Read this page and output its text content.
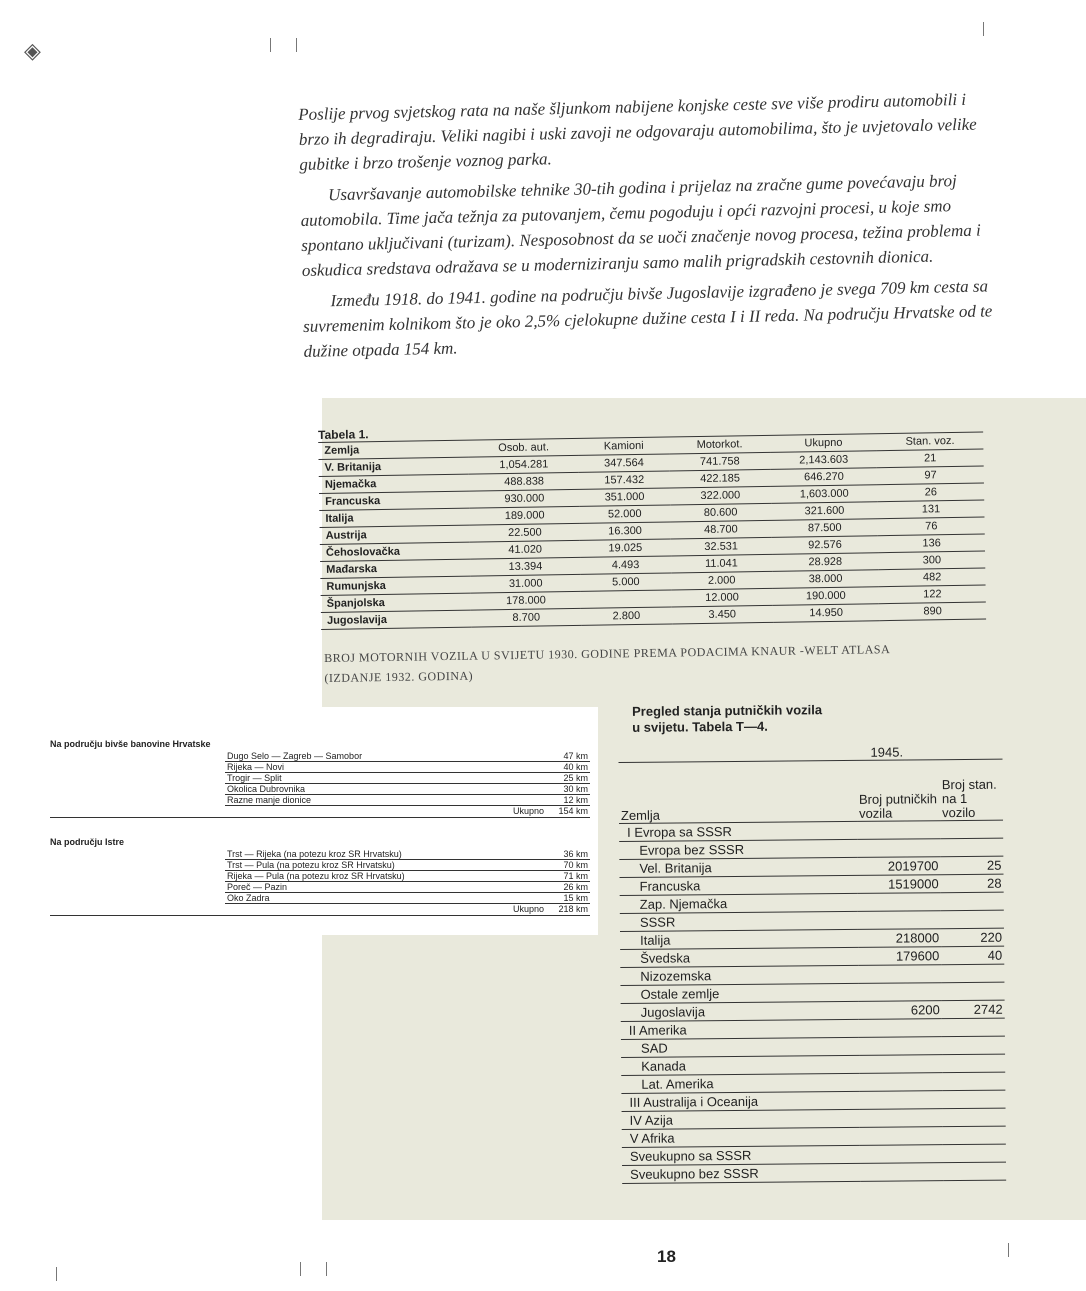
◈

Poslije prvog svjetskog rata na naše šljunkom nabijene konjske ceste sve više prodiru automobili i brzo ih degradiraju. Veliki nagibi i uski zavoji ne odgovaraju automobilima, što je uvjetovalo velike gubitke i brzo trošenje voznog parka.

Usavršavanje automobilske tehnike 30-tih godina i prijelaz na zračne gume povećavaju broj automobila. Time jača težnja za putovanjem, čemu pogoduju i opći razvojni procesi, u koje smo spontano uključivani (turizam). Nesposobnost da se uoči značenje novog procesa, težina problema i oskudica sredstava odražava se u moderniziranju samo malih prigradskih cestovnih dionica.

Između 1918. do 1941. godine na području bivše Jugoslavije izgrađeno je svega 709 km cesta sa suvremenim kolnikom što je oko 2,5% cjelokupne dužine cesta I i II reda. Na području Hrvatske od te dužine otpada 154 km.

Tabela 1.
Zemlja	Osob. aut.	Kamioni	Motorkot.	Ukupno	Stan. voz.
V. Britanija	1,054.281	347.564	741.758	2,143.603	21
Njemačka	488.838	157.432	422.185	646.270	97
Francuska	930.000	351.000	322.000	1,603.000	26
Italija	189.000	52.000	80.600	321.600	131
Austrija	22.500	16.300	48.700	87.500	76
Čehoslovačka	41.020	19.025	32.531	92.576	136
Mađarska	13.394	4.493	11.041	28.928	300
Rumunjska	31.000	5.000	2.000	38.000	482
Španjolska	178.000		12.000	190.000	122
Jugoslavija	8.700	2.800	3.450	14.950	890
BROJ MOTORNIH VOZILA U SVIJETU 1930. GODINE PREMA PODACIMA KNAUR -WELT ATLASA
(IZDANJE 1932. GODINA)
Na području bivše banovine Hrvatske
Dugo Selo — Zagreb — Samobor	47 km
Rijeka — Novi	40 km
Trogir — Split	25 km
Okolica Dubrovnika	30 km
Razne manje dionice	12 km
Ukupno 154 km
Na području Istre
Trst — Rijeka (na potezu kroz SR Hrvatsku)	36 km
Trst — Pula (na potezu kroz SR Hrvatsku)	70 km
Rijeka — Pula (na potezu kroz SR Hrvatsku)	71 km
Poreč — Pazin	26 km
Oko Zadra	15 km
Ukupno 218 km
Pregled stanja putničkih vozila
u svijetu. Tabela T—4.
	1945.	
Zemlja	Broj putničkih vozila	Broj stan. na 1 vozilo
I Evropa sa SSSR		
Evropa bez SSSR		
Vel. Britanija	2019700	25
Francuska	1519000	28
Zap. Njemačka		
SSSR		
Italija	218000	220
Švedska	179600	40
Nizozemska		
Ostale zemlje		
Jugoslavija	6200	2742
II Amerika		
SAD		
Kanada		
Lat. Amerika		
III Australija i Oceanija		
IV Azija		
V Afrika		
Sveukupno sa SSSR		
Sveukupno bez SSSR		
18
